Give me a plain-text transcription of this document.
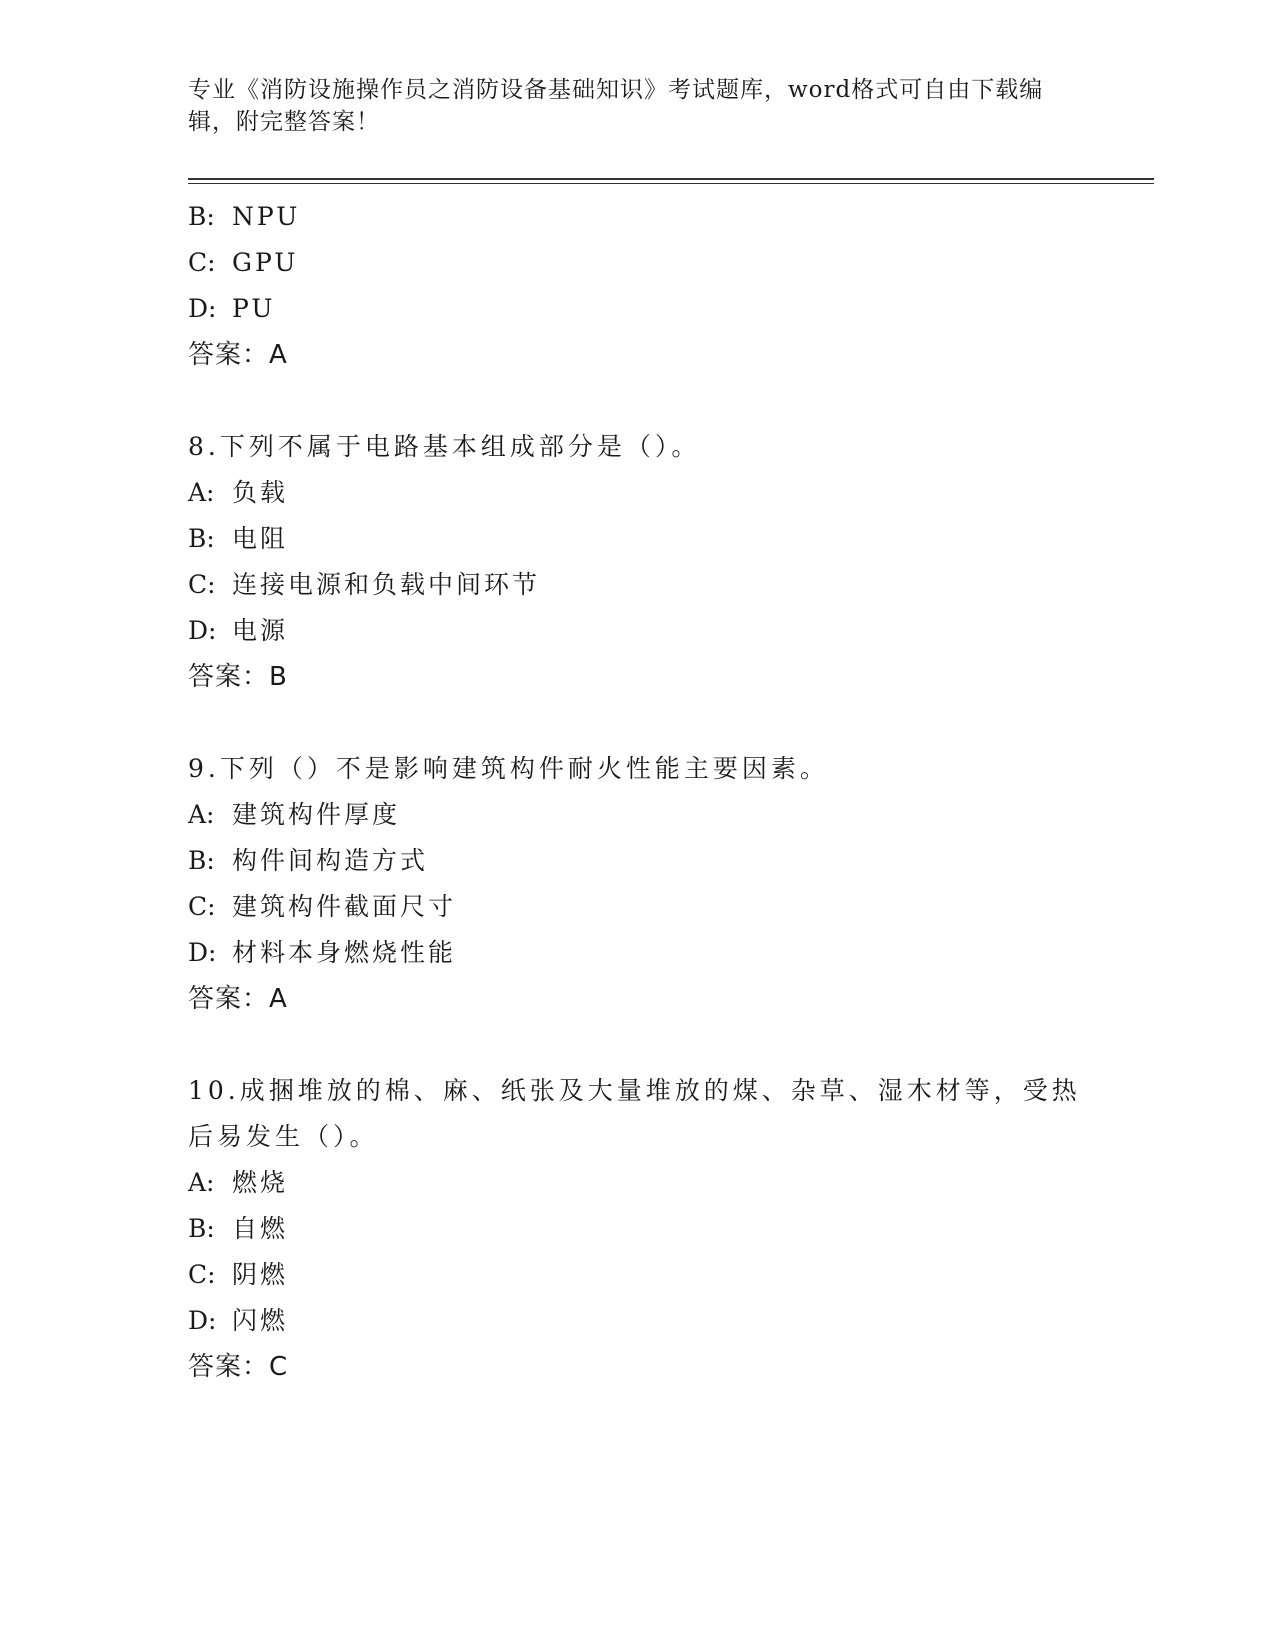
专业《消防设施操作员之消防设备基础知识》考试题库，word格式可自由下载编
辑，附完整答案！
B: NPU
C: GPU
D: PU
答案：A
8.下列不属于电路基本组成部分是（）。
A: 负载
B: 电阻
C: 连接电源和负载中间环节
D: 电源
答案：B
9.下列（）不是影响建筑构件耐火性能主要因素。
A: 建筑构件厚度
B: 构件间构造方式
C: 建筑构件截面尺寸
D: 材料本身燃烧性能
答案：A
10.成捆堆放的棉、麻、纸张及大量堆放的煤、杂草、湿木材等，受热
后易发生（）。
A: 燃烧
B: 自燃
C: 阴燃
D: 闪燃
答案：C
